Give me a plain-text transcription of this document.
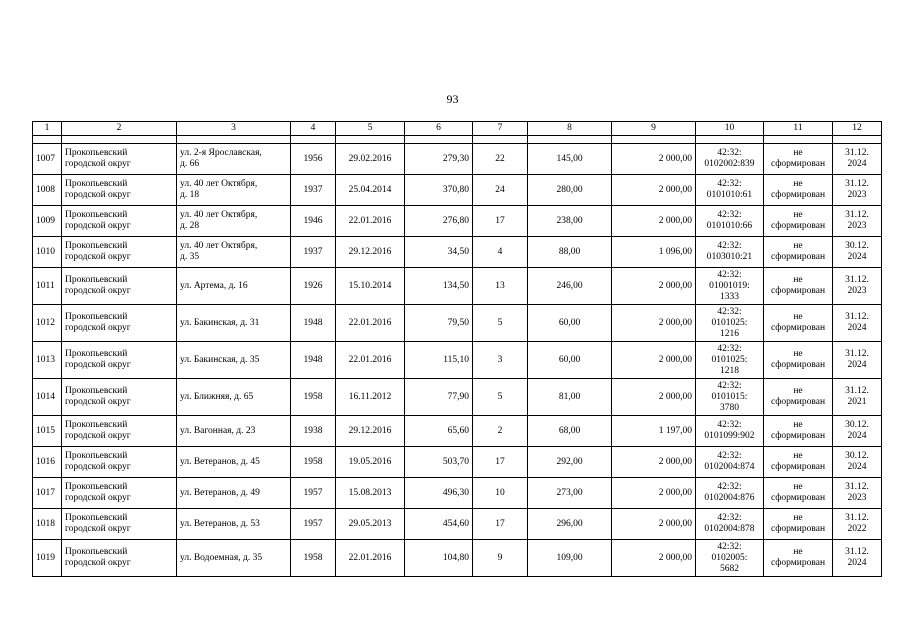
93
1	2	3	4	5	6	7	8	9	10	11	12

1007	Прокопьевский
городской округ	ул. 2-я Ярославская,
д. 66	1956	29.02.2016	279,30	22	145,00	2 000,00	42:32:
0102002:839	не
сформирован	31.12.
2024

1008	Прокопьевский
городской округ	ул. 40 лет Октября,
д. 18	1937	25.04.2014	370,80	24	280,00	2 000,00	42:32:
0101010:61	не
сформирован	31.12.
2023

1009	Прокопьевский
городской округ	ул. 40 лет Октября,
д. 28	1946	22.01.2016	276,80	17	238,00	2 000,00	42:32:
0101010:66	не
сформирован	31.12.
2023

1010	Прокопьевский
городской округ	ул. 40 лет Октября,
д. 35	1937	29.12.2016	34,50	4	88,00	1 096,00	42:32:
0103010:21	не
сформирован	30.12.
2024

1011	Прокопьевский
городской округ	ул. Артема, д. 16	1926	15.10.2014	134,50	13	246,00	2 000,00	42:32:
01001019:
1333	не
сформирован	31.12.
2023

1012	Прокопьевский
городской округ	ул. Бакинская, д. 31	1948	22.01.2016	79,50	5	60,00	2 000,00	42:32:
0101025:
1216	не
сформирован	31.12.
2024

1013	Прокопьевский
городской округ	ул. Бакинская, д. 35	1948	22.01.2016	115,10	3	60,00	2 000,00	42:32:
0101025:
1218	не
сформирован	31.12.
2024

1014	Прокопьевский
городской округ	ул. Ближняя, д. 65	1958	16.11.2012	77,90	5	81,00	2 000,00	42:32:
0101015:
3780	не
сформирован	31.12.
2021

1015	Прокопьевский
городской округ	ул. Вагонная, д. 23	1938	29.12.2016	65,60	2	68,00	1 197,00	42:32:
0101099:902	не
сформирован	30.12.
2024

1016	Прокопьевский
городской округ	ул. Ветеранов, д. 45	1958	19.05.2016	503,70	17	292,00	2 000,00	42:32:
0102004:874	не
сформирован	30.12.
2024

1017	Прокопьевский
городской округ	ул. Ветеранов, д. 49	1957	15.08.2013	496,30	10	273,00	2 000,00	42:32:
0102004:876	не
сформирован	31.12.
2023

1018	Прокопьевский
городской округ	ул. Ветеранов, д. 53	1957	29.05.2013	454,60	17	296,00	2 000,00	42:32:
0102004:878	не
сформирован	31.12.
2022

1019	Прокопьевский
городской округ	ул. Водоемная, д. 35	1958	22.01.2016	104,80	9	109,00	2 000,00	42:32:
0102005:
5682	не
сформирован	31.12.
2024
